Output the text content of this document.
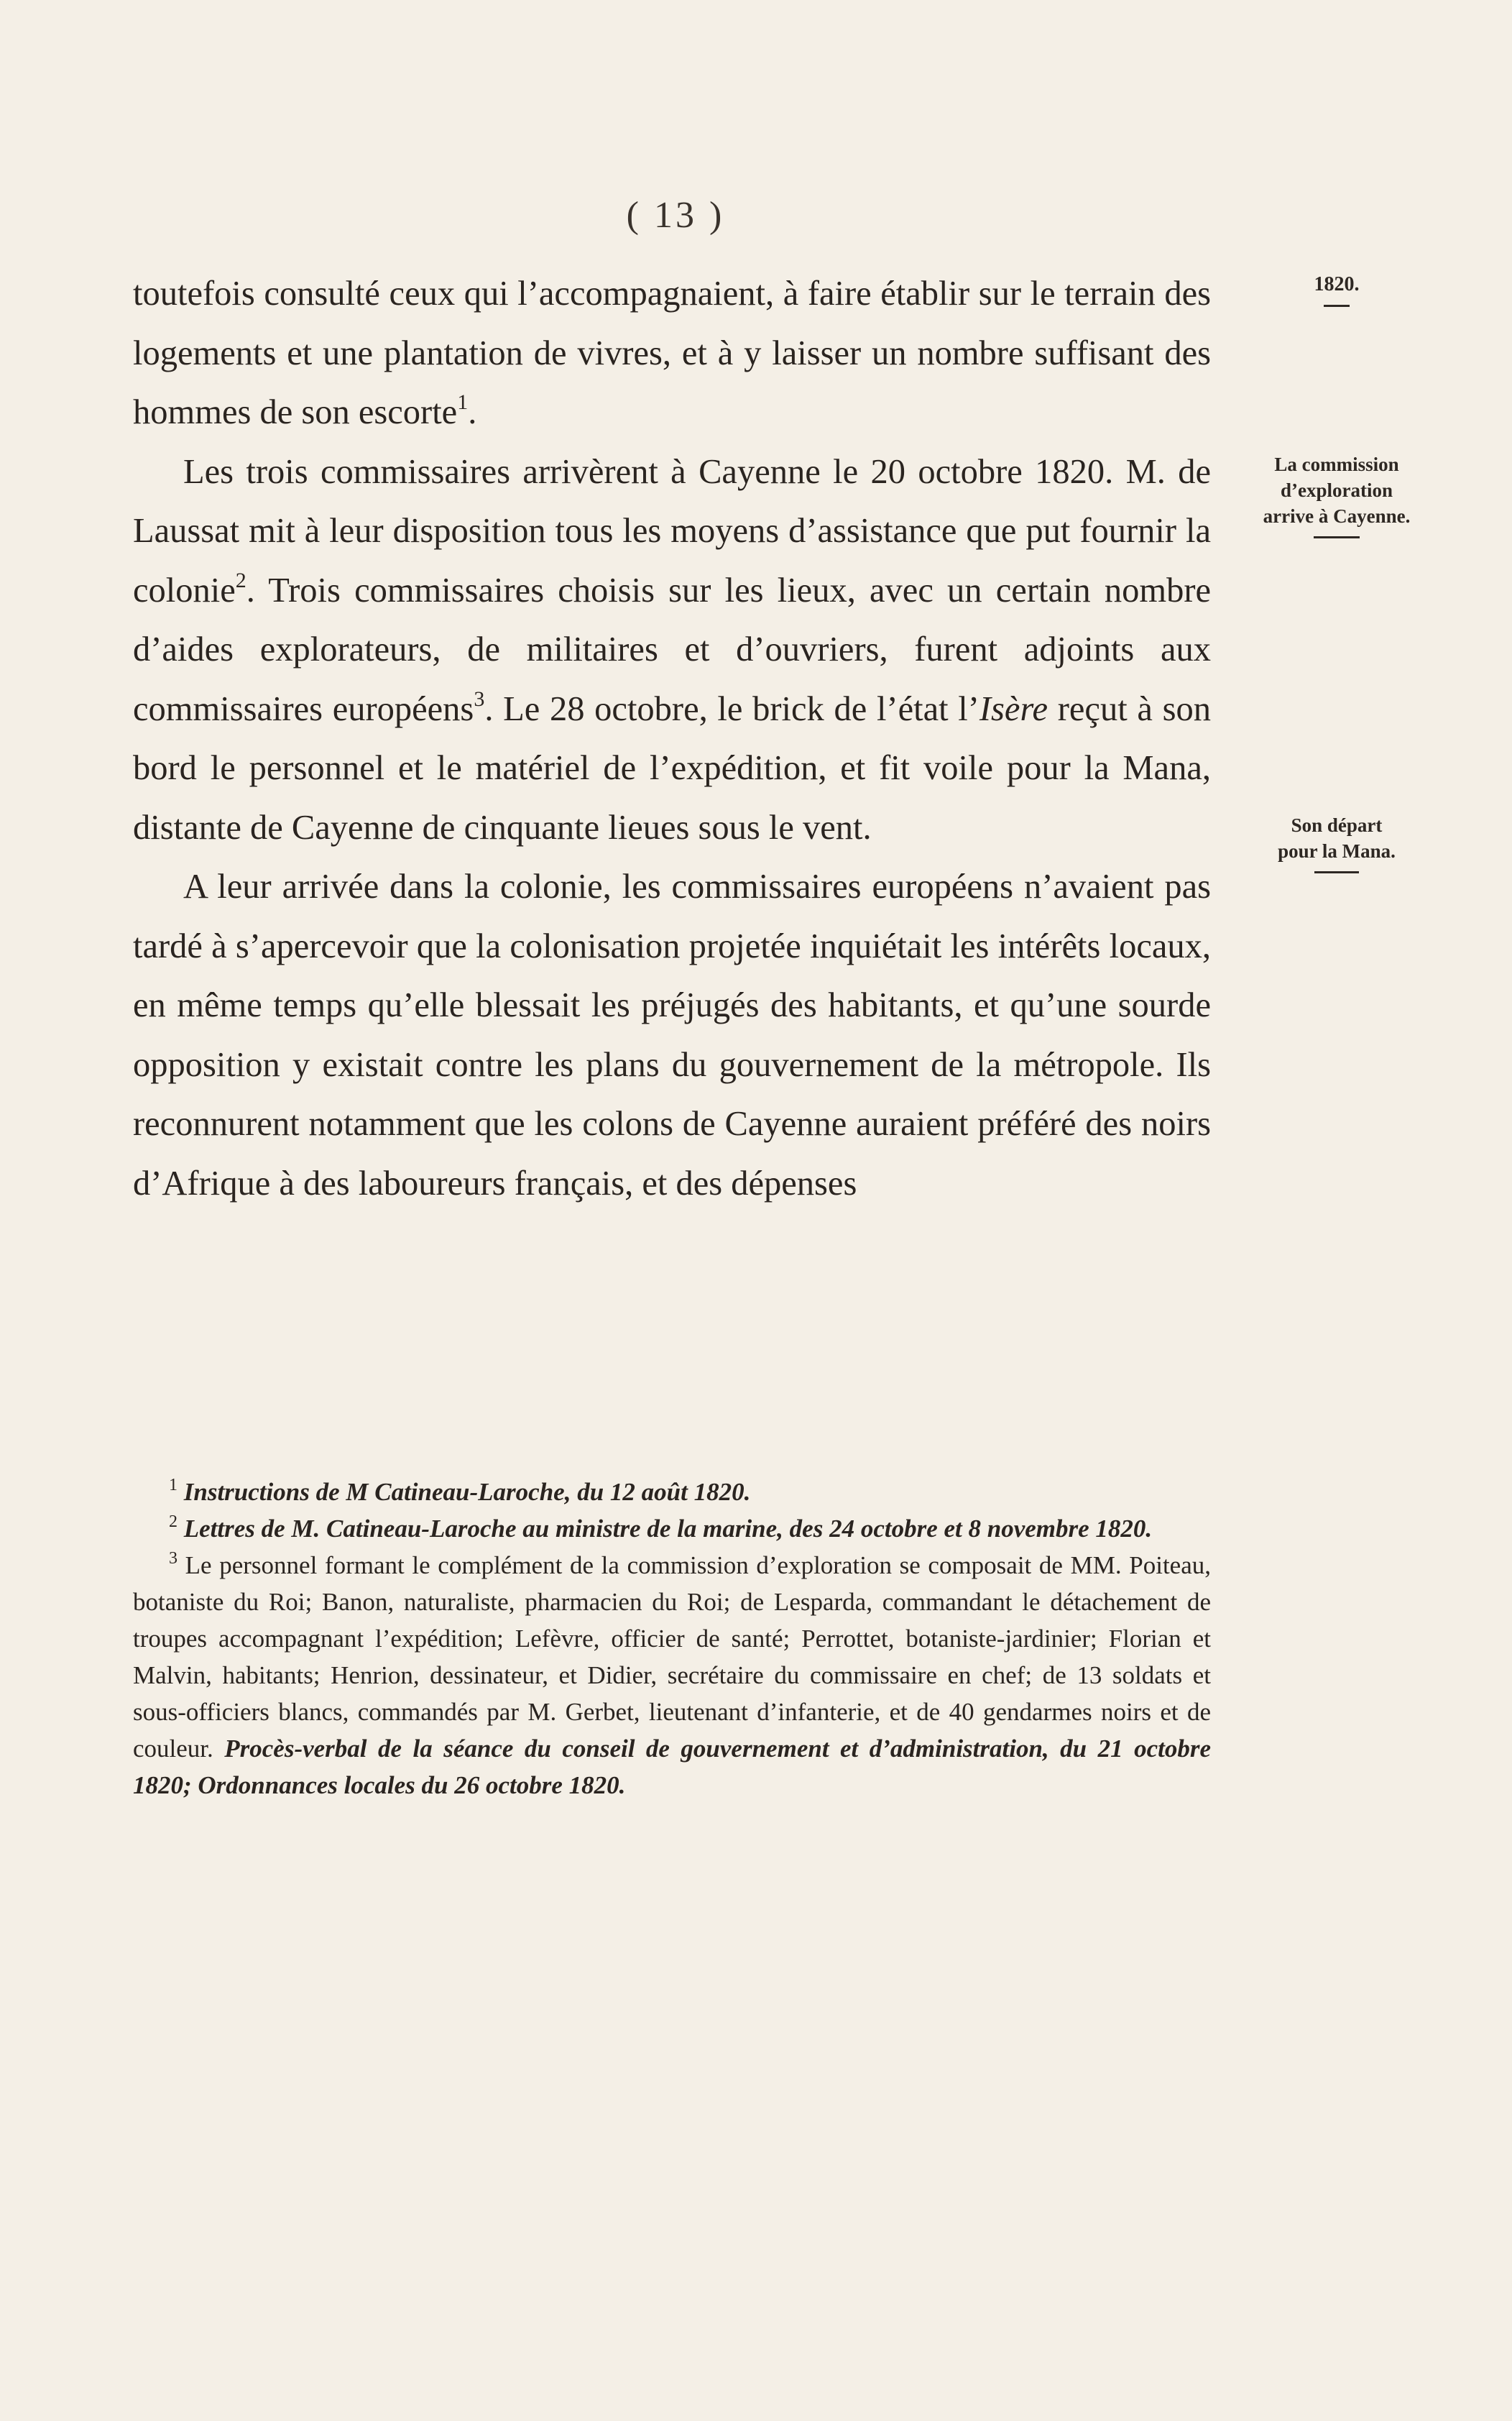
( 13 )

toutefois consulté ceux qui l’accompagnaient, à faire établir sur le terrain des logements et une plantation de vivres, et à y laisser un nombre suffisant des hommes de son escorte$^1$.

Les trois commissaires arrivèrent à Cayenne le 20 octobre 1820. M. de Laussat mit à leur disposition tous les moyens d’assistance que put fournir la colonie$^2$. Trois commissaires choisis sur les lieux, avec un certain nombre d’aides explorateurs, de militaires et d’ouvriers, furent adjoints aux commissaires européens$^3$. Le 28 octobre, le brick de l’état l’Isère reçut à son bord le personnel et le matériel de l’expédition, et fit voile pour la Mana, distante de Cayenne de cinquante lieues sous le vent.

A leur arrivée dans la colonie, les commissaires européens n’avaient pas tardé à s’apercevoir que la colonisation projetée inquiétait les intérêts locaux, en même temps qu’elle blessait les préjugés des habitants, et qu’une sourde opposition y existait contre les plans du gouvernement de la métropole. Ils reconnurent notamment que les colons de Cayenne auraient préféré des noirs d’Afrique à des laboureurs français, et des dépenses

1820.
La commission
d’exploration
arrive à Cayenne.
Son départ
pour la Mana.

$^1$ Instructions de M Catineau-Laroche, du 12 août 1820.

$^2$ Lettres de M. Catineau-Laroche au ministre de la marine, des 24 octobre et 8 novembre 1820.

$^3$ Le personnel formant le complément de la commission d’exploration se composait de MM. Poiteau, botaniste du Roi; Banon, naturaliste, pharmacien du Roi; de Lesparda, commandant le détachement de troupes accompagnant l’expédition; Lefèvre, officier de santé; Perrottet, botaniste-jardinier; Florian et Malvin, habitants; Henrion, dessinateur, et Didier, secrétaire du commissaire en chef; de 13 soldats et sous-officiers blancs, commandés par M. Gerbet, lieutenant d’infanterie, et de 40 gendarmes noirs et de couleur. Procès-verbal de la séance du conseil de gouvernement et d’administration, du 21 octobre 1820; Ordonnances locales du 26 octobre 1820.
